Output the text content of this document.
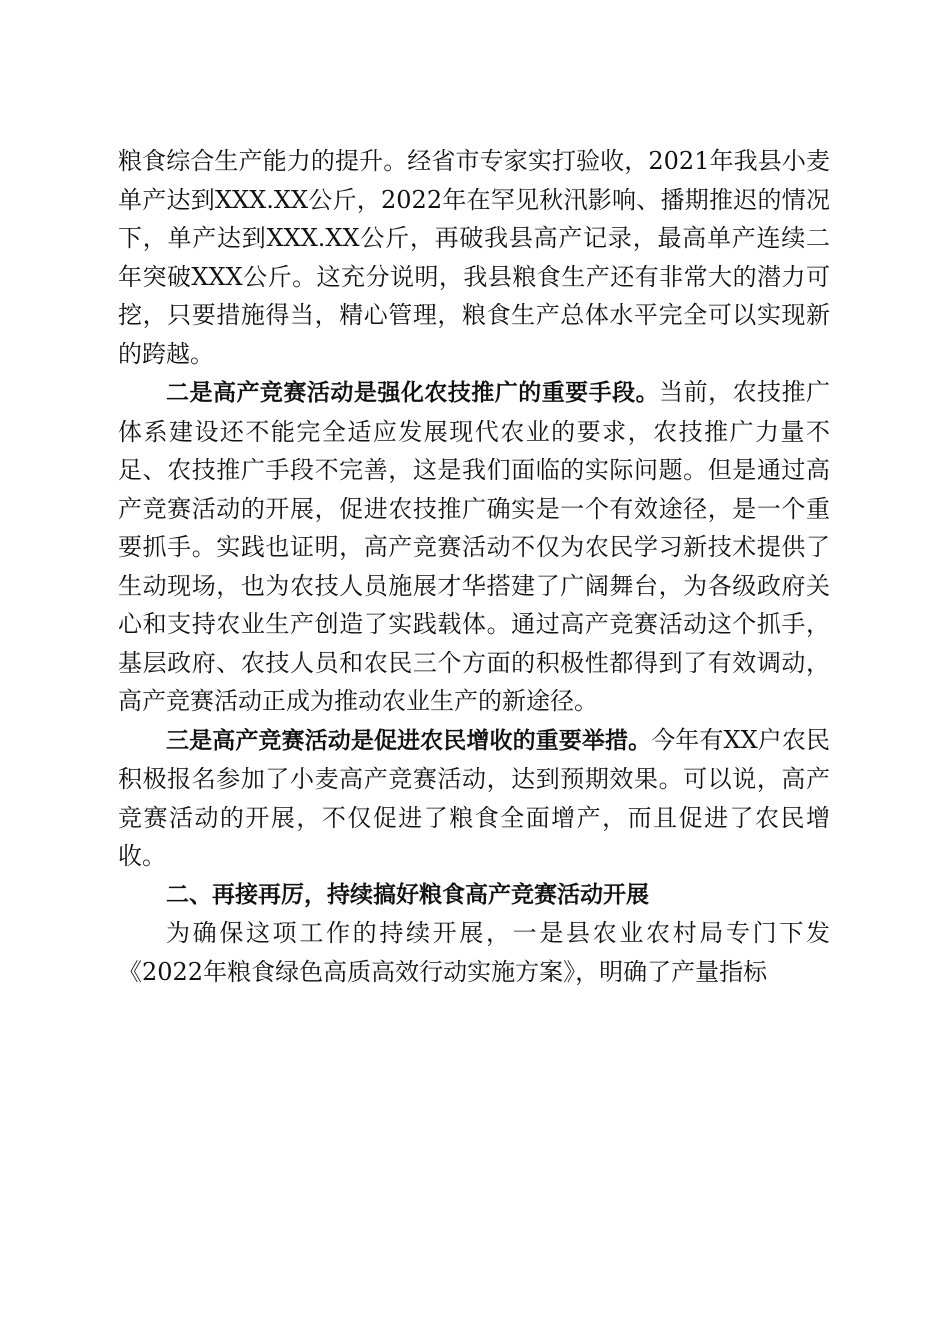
粮食综合生产能力的提升。经省市专家实打验收，2021年我县小麦单产达到XXX.XX公斤，2022年在罕见秋汛影响、播期推迟的情况下，单产达到XXX.XX公斤，再破我县高产记录，最高单产连续二年突破XXX公斤。这充分说明，我县粮食生产还有非常大的潜力可挖，只要措施得当，精心管理，粮食生产总体水平完全可以实现新的跨越。

二是高产竞赛活动是强化农技推广的重要手段。当前，农技推广体系建设还不能完全适应发展现代农业的要求，农技推广力量不足、农技推广手段不完善，这是我们面临的实际问题。但是通过高产竞赛活动的开展，促进农技推广确实是一个有效途径，是一个重要抓手。实践也证明，高产竞赛活动不仅为农民学习新技术提供了生动现场，也为农技人员施展才华搭建了广阔舞台，为各级政府关心和支持农业生产创造了实践载体。通过高产竞赛活动这个抓手，基层政府、农技人员和农民三个方面的积极性都得到了有效调动，高产竞赛活动正成为推动农业生产的新途径。

三是高产竞赛活动是促进农民增收的重要举措。今年有XX户农民积极报名参加了小麦高产竞赛活动，达到预期效果。可以说，高产竞赛活动的开展，不仅促进了粮食全面增产，而且促进了农民增收。

二、再接再厉，持续搞好粮食高产竞赛活动开展

为确保这项工作的持续开展，一是县农业农村局专门下发《2022年粮食绿色高质高效行动实施方案》，明确了产量指标
